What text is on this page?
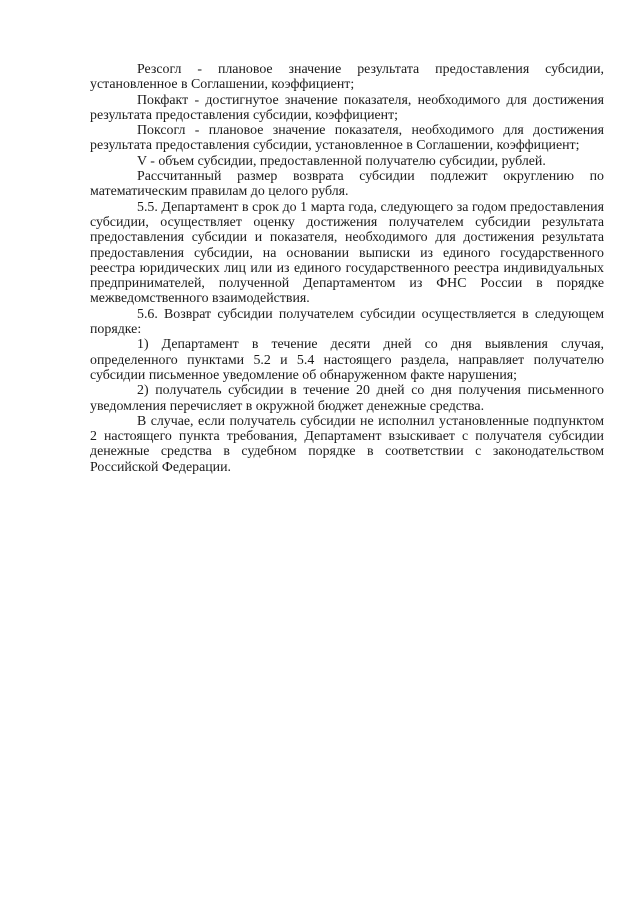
Резсогл - плановое значение результата предоставления субсидии, установленное в Соглашении, коэффициент;

Покфакт - достигнутое значение показателя, необходимого для достижения результата предоставления субсидии, коэффициент;

Поксогл - плановое значение показателя, необходимого для достижения результата предоставления субсидии, установленное в Соглашении, коэффициент;

V - объем субсидии, предоставленной получателю субсидии, рублей.

Рассчитанный размер возврата субсидии подлежит округлению по математическим правилам до целого рубля.

5.5. Департамент в срок до 1 марта года, следующего за годом предоставления субсидии, осуществляет оценку достижения получателем субсидии результата предоставления субсидии и показателя, необходимого для достижения результата предоставления субсидии, на основании выписки из единого государственного реестра юридических лиц или из единого государственного реестра индивидуальных предпринимателей, полученной Департаментом из ФНС России в порядке межведомственного взаимодействия.

5.6. Возврат субсидии получателем субсидии осуществляется в следующем порядке:

1) Департамент в течение десяти дней со дня выявления случая, определенного пунктами 5.2 и 5.4 настоящего раздела, направляет получателю субсидии письменное уведомление об обнаруженном факте нарушения;

2) получатель субсидии в течение 20 дней со дня получения письменного уведомления перечисляет в окружной бюджет денежные средства.

В случае, если получатель субсидии не исполнил установленные подпунктом 2 настоящего пункта требования, Департамент взыскивает с получателя субсидии денежные средства в судебном порядке в соответствии с законодательством Российской Федерации.
